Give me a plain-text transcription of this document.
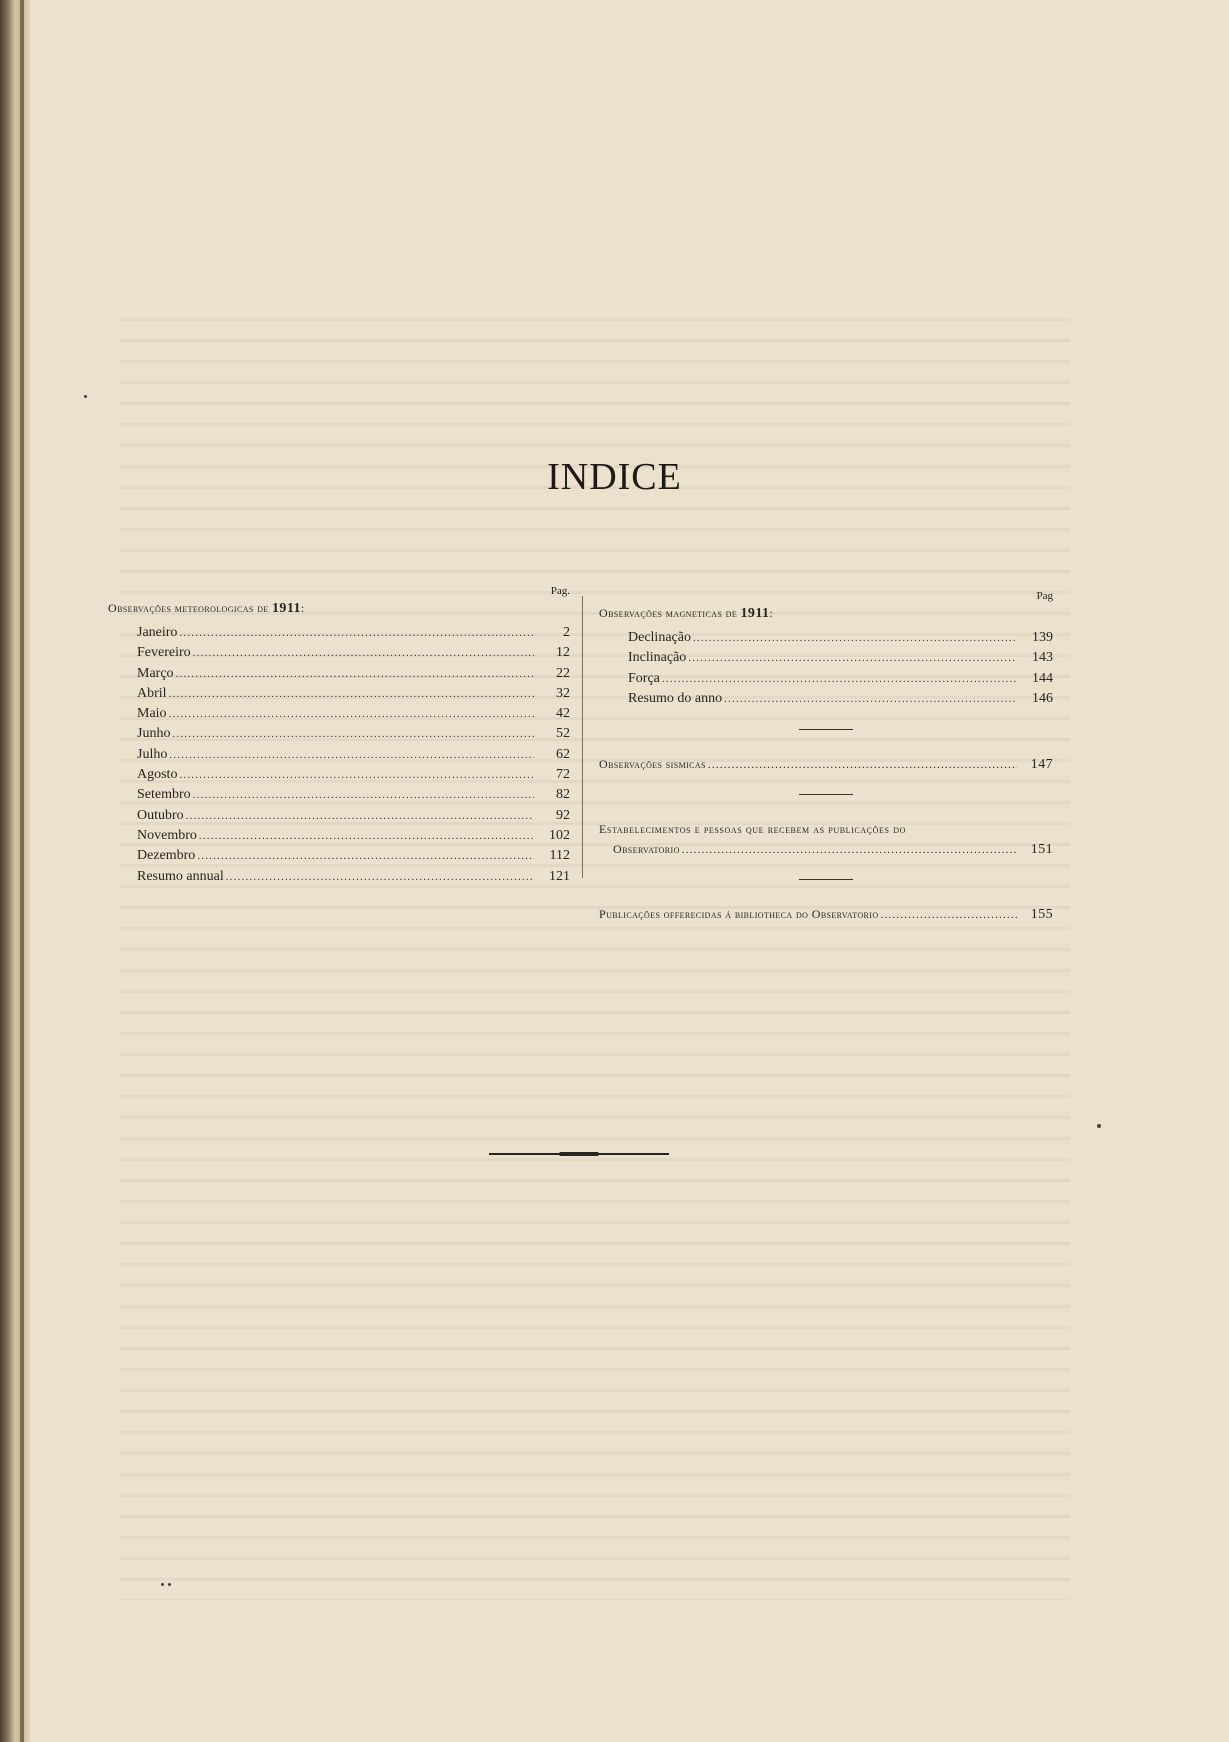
INDICE
Pag.
Observações meteorologicas de 1911:
Janeiro .....	2
Fevereiro .....	12
Março .....	22
Abril .....	32
Maio .....	42
Junho .....	52
Julho .....	62
Agosto .....	72
Setembro .....	82
Outubro .....	92
Novembro .....	102
Dezembro .....	112
Resumo annual .....	121
Pag
Observações magneticas de 1911:
Declinação .....	139
Inclinação .....	143
Força .....	144
Resumo do anno .....	146
Observações sismicas .....	147
Estabelecimentos e pessoas que recebem as publicações do
Observatorio .....	151
Publicações offerecidas á bibliotheca do Observatorio .....	155
